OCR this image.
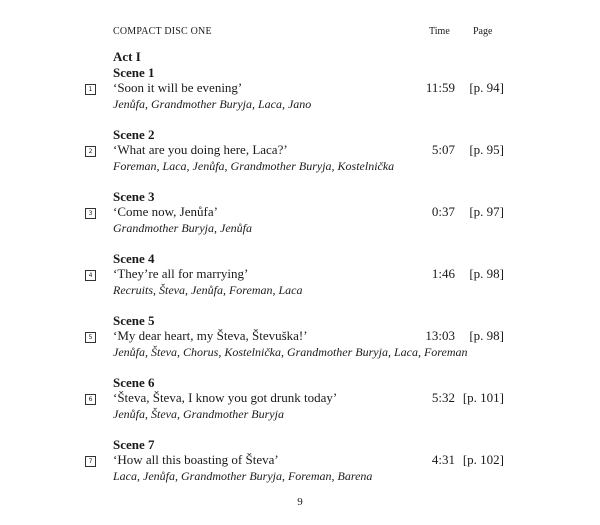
COMPACT DISC ONE	Time Page
Act I
1
Scene 1
‘Soon it will be evening’
Jenůfa, Grandmother Buryja, Laca, Jano
11:59 [p. 94]
2
Scene 2
‘What are you doing here, Laca?’
Foreman, Laca, Jenůfa, Grandmother Buryja, Kostelnička
5:07 [p. 95]
3
Scene 3
‘Come now, Jenůfa’
Grandmother Buryja, Jenůfa
0:37 [p. 97]
4
Scene 4
‘They’re all for marrying’
Recruits, Števa, Jenůfa, Foreman, Laca
1:46 [p. 98]
5
Scene 5
‘My dear heart, my Števa, Števuška!’
Jenůfa, Števa, Chorus, Kostelnička, Grandmother Buryja, Laca, Foreman
13:03 [p. 98]
6
Scene 6
‘Števa, Števa, I know you got drunk today’
Jenůfa, Števa, Grandmother Buryja
5:32 [p. 101]
7
Scene 7
‘How all this boasting of Števa’
Laca, Jenůfa, Grandmother Buryja, Foreman, Barena
4:31 [p. 102]
9
